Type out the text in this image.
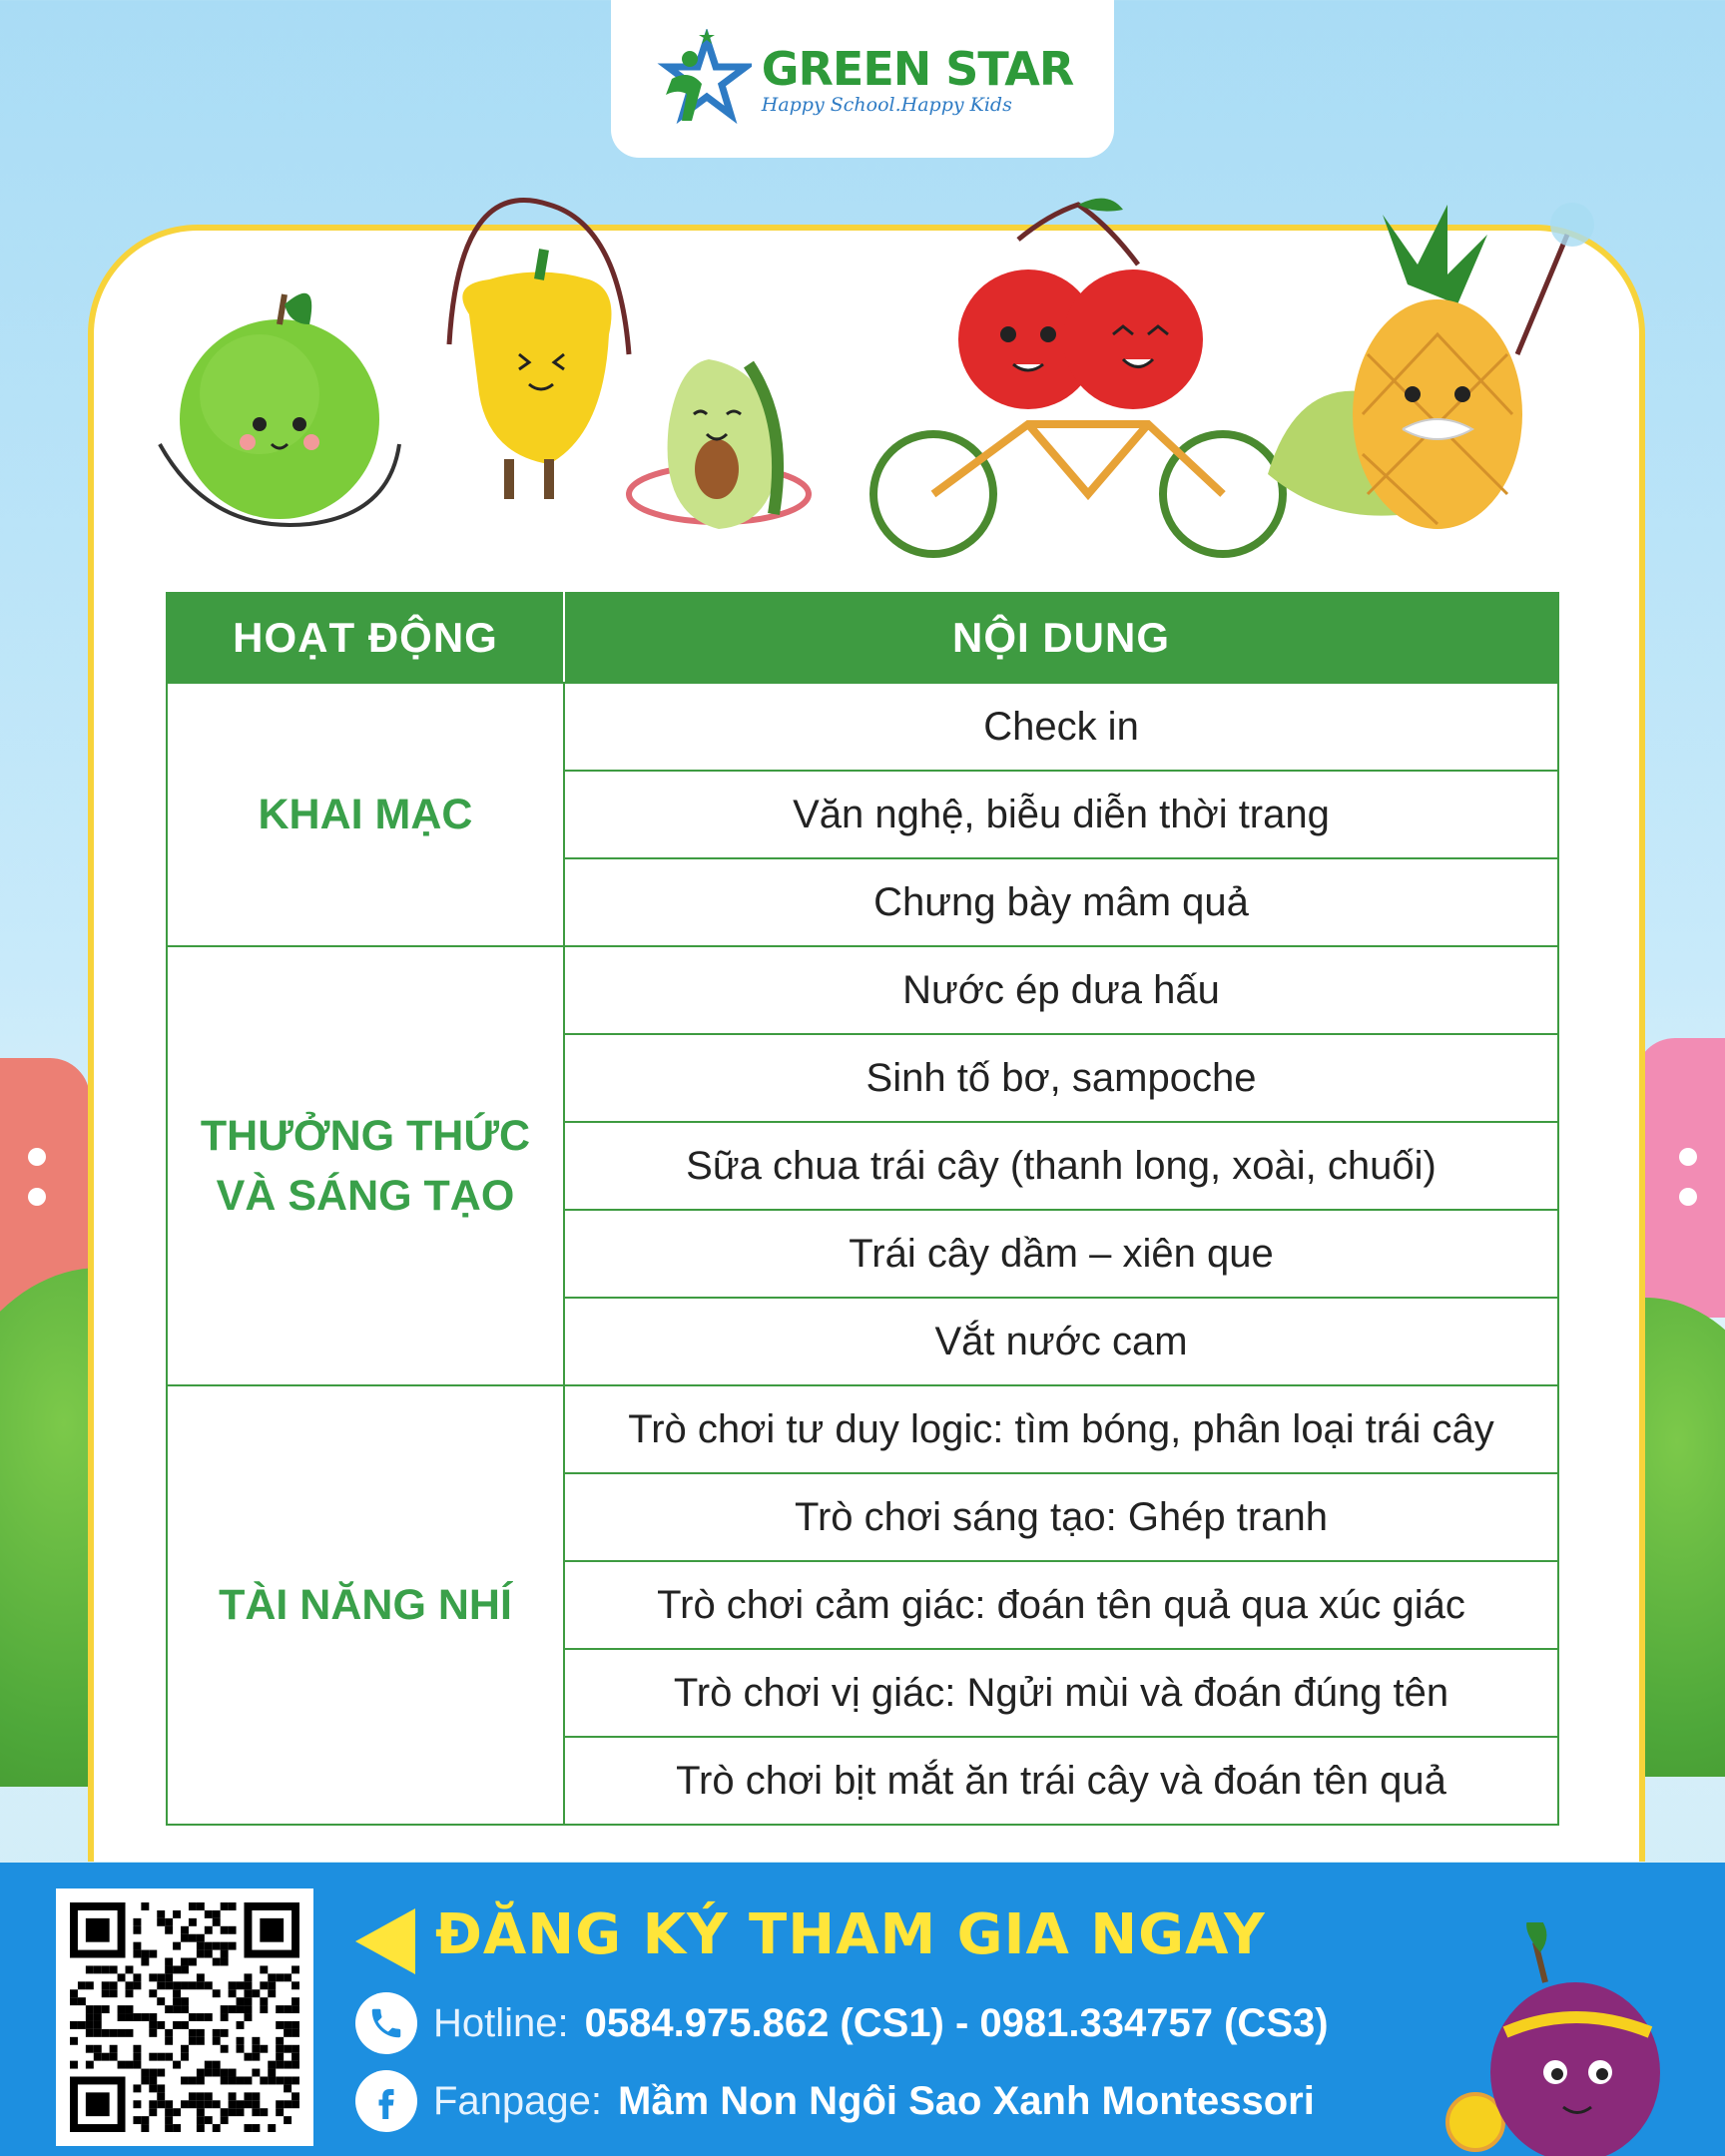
GREEN STAR
Happy School.Happy Kids
HOẠT ĐỘNG	NỘI DUNG

KHAI MẠC	Check in
	Văn nghệ, biễu diễn thời trang
	Chưng bày mâm quả

THƯỞNG THỨC
VÀ SÁNG TẠO	Nước ép dưa hấu
	Sinh tố bơ, sampoche
	Sữa chua trái cây (thanh long, xoài, chuối)
	Trái cây dầm – xiên que
	Vắt nước cam

TÀI NĂNG NHÍ	Trò chơi tư duy logic: tìm bóng, phân loại trái cây
	Trò chơi sáng tạo: Ghép tranh
	Trò chơi cảm giác: đoán tên quả qua xúc giác
	Trò chơi vị giác: Ngửi mùi và đoán đúng tên
	Trò chơi bịt mắt ăn trái cây và đoán tên quả
ĐĂNG KÝ THAM GIA NGAY
Hotline: 0584.975.862 (CS1) - 0981.334757 (CS3)
Fanpage: Mầm Non Ngôi Sao Xanh Montessori
